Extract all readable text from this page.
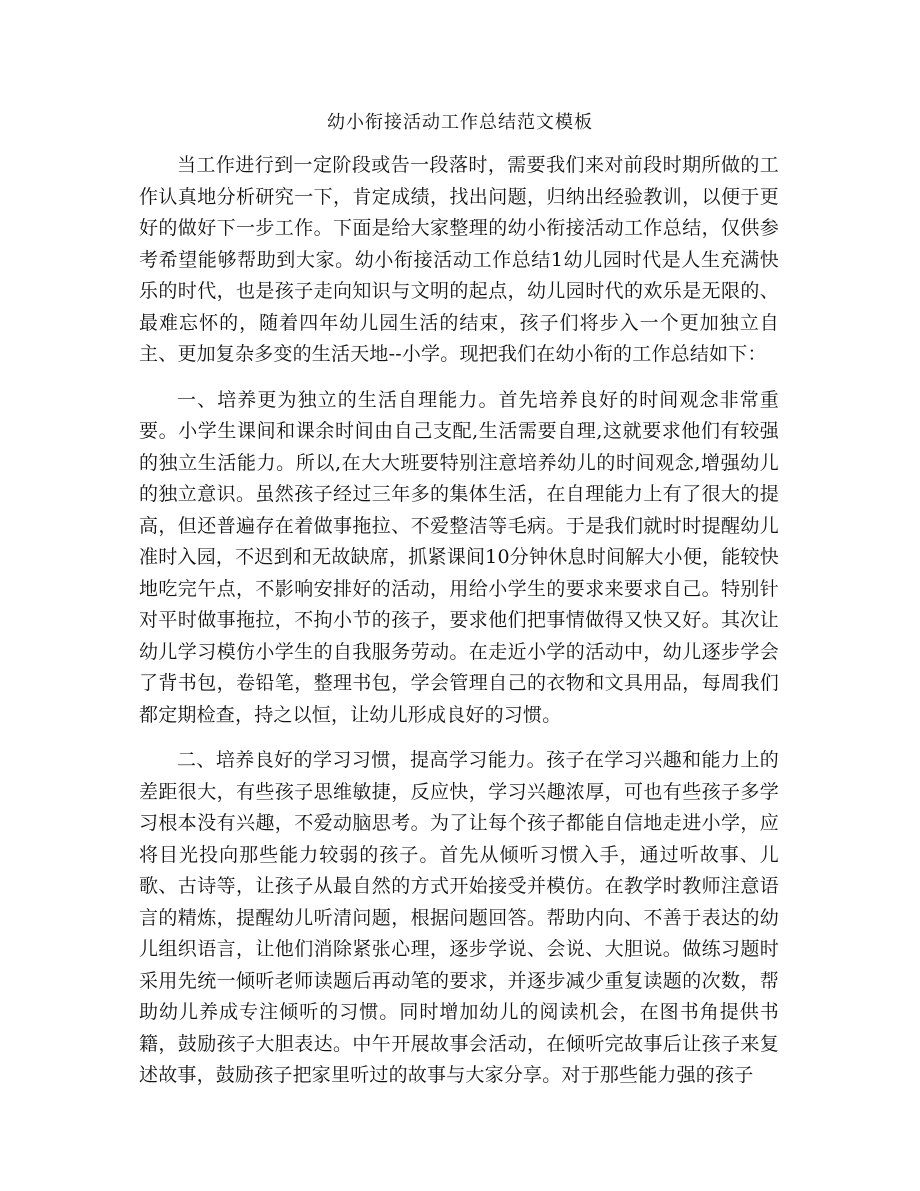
幼小衔接活动工作总结范文模板

当工作进行到一定阶段或告一段落时，需要我们来对前段时期所做的工作认真地分析研究一下，肯定成绩，找出问题，归纳出经验教训，以便于更好的做好下一步工作。下面是给大家整理的幼小衔接活动工作总结，仅供参考希望能够帮助到大家。幼小衔接活动工作总结1幼儿园时代是人生充满快乐的时代，也是孩子走向知识与文明的起点，幼儿园时代的欢乐是无限的、最难忘怀的，随着四年幼儿园生活的结束，孩子们将步入一个更加独立自主、更加复杂多变的生活天地--小学。现把我们在幼小衔的工作总结如下：

一、培养更为独立的生活自理能力。首先培养良好的时间观念非常重要。小学生课间和课余时间由自己支配,生活需要自理,这就要求他们有较强的独立生活能力。所以,在大大班要特别注意培养幼儿的时间观念,增强幼儿的独立意识。虽然孩子经过三年多的集体生活，在自理能力上有了很大的提高，但还普遍存在着做事拖拉、不爱整洁等毛病。于是我们就时时提醒幼儿准时入园，不迟到和无故缺席，抓紧课间10分钟休息时间解大小便，能较快地吃完午点，不影响安排好的活动，用给小学生的要求来要求自己。特别针对平时做事拖拉，不拘小节的孩子，要求他们把事情做得又快又好。其次让幼儿学习模仿小学生的自我服务劳动。在走近小学的活动中，幼儿逐步学会了背书包，卷铅笔，整理书包，学会管理自己的衣物和文具用品，每周我们都定期检查，持之以恒，让幼儿形成良好的习惯。

二、培养良好的学习习惯，提高学习能力。孩子在学习兴趣和能力上的差距很大，有些孩子思维敏捷，反应快，学习兴趣浓厚，可也有些孩子多学习根本没有兴趣，不爱动脑思考。为了让每个孩子都能自信地走进小学，应将目光投向那些能力较弱的孩子。首先从倾听习惯入手，通过听故事、儿歌、古诗等，让孩子从最自然的方式开始接受并模仿。在教学时教师注意语言的精炼，提醒幼儿听清问题，根据问题回答。帮助内向、不善于表达的幼儿组织语言，让他们消除紧张心理，逐步学说、会说、大胆说。做练习题时采用先统一倾听老师读题后再动笔的要求，并逐步减少重复读题的次数，帮助幼儿养成专注倾听的习惯。同时增加幼儿的阅读机会，在图书角提供书籍，鼓励孩子大胆表达。中午开展故事会活动，在倾听完故事后让孩子来复述故事，鼓励孩子把家里听过的故事与大家分享。对于那些能力强的孩子
